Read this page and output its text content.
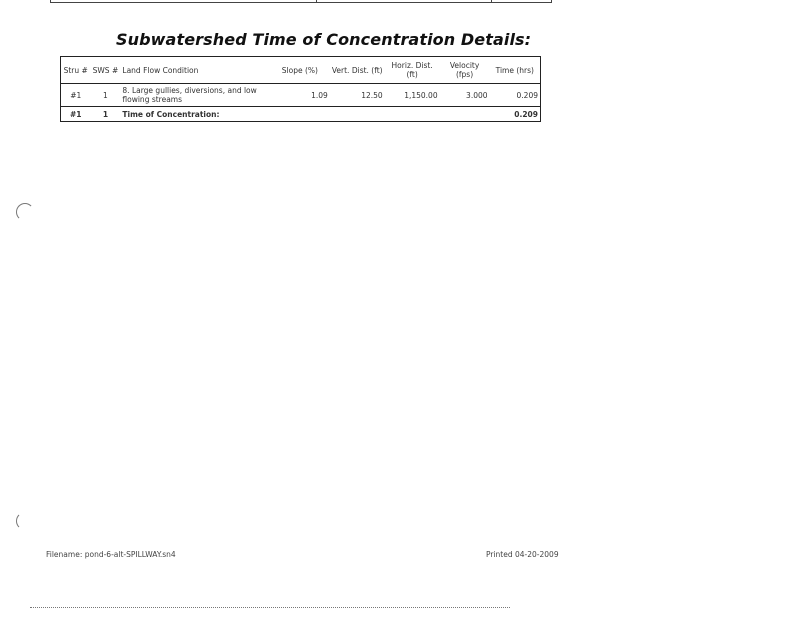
Subwatershed Time of Concentration Details:
Stru #	SWS #	Land Flow Condition	Slope (%)	Vert. Dist. (ft)	Horiz. Dist. (ft)	Velocity (fps)	Time (hrs)
#1	1	8. Large gullies, diversions, and low flowing streams	1.09	12.50	1,150.00	3.000	0.209
#1	1	Time of Concentration:					0.209
Filename: pond-6-alt-SPILLWAY.sn4	Printed 04-20-2009
